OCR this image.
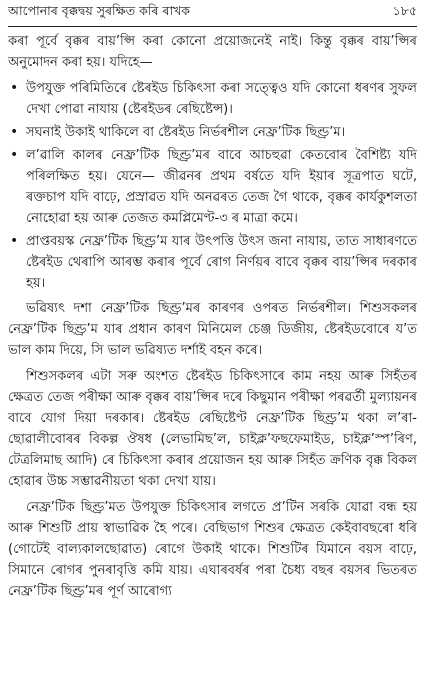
আপোনাৰ বৃক্কদ্বয় সুৰক্ষিত কৰি ৰাখক	১৮৫

কৰা পূৰ্বে বৃক্কৰ বায়’প্সি কৰা কোনো প্ৰয়োজনেই নাই। কিন্তু বৃক্কৰ বায়’প্সিৰ অনুমোদন কৰা হয়। যদিহে—

• উপযুক্ত পৰিমিতিৰে ষ্টেৰইড চিকিৎসা কৰা সত্ত্বেও যদি কোনো ধৰণৰ সুফল দেখা পোৱা নাযায় (ষ্টেৰইডৰ ৰেছিষ্টেন্স)।
• সঘনাই উকাই থাকিলে বা ষ্টেৰইড নিৰ্ভৰশীল নেফ্ৰ’টিক ছিণ্ড্ৰ’ম।
• ল’ৱালি কালৰ নেফ্ৰ’টিক ছিণ্ড্ৰ’মৰ বাবে আচহুৱা কেতবোৰ বৈশিষ্ট্য যদি পৰিলক্ষিত হয়। যেনে— জীৱনৰ প্ৰথম বৰ্ষতে যদি ইয়াৰ সূত্ৰপাত ঘটে, ৰক্তচাপ যদি বাঢ়ে, প্ৰস্ৰাৱত যদি অনৱৰত তেজ গৈ থাকে, বৃক্কৰ কাৰ্যকুশলতা নোহোৱা হয় আৰু তেজত কমপ্লিমেণ্ট-৩ ৰ মাত্ৰা কমে।
• প্ৰাপ্তবয়স্ক নেফ্ৰ’টিক ছিণ্ড্ৰ’ম যাৰ উৎপত্তি উৎস জনা নাযায়, তাত সাধাৰণতে ষ্টেৰইড থেৰাপি আৰম্ভ কৰাৰ পূৰ্বে ৰোগ নিৰ্ণয়ৰ বাবে বৃক্কৰ বায়’প্সিৰ দৰকাৰ হয়।

ভৱিষ্যৎ দশা নেফ্ৰ’টিক ছিণ্ড্ৰ’মৰ কাৰণৰ ওপৰত নিৰ্ভৰশীল। শিশুসকলৰ নেফ্ৰ’টিক ছিণ্ড্ৰ’ম যাৰ প্ৰধান কাৰণ মিনিমেল চেঞ্জ ডিজীয়, ষ্টেৰইডবোৰে য’ত ভাল কাম দিয়ে, সি ভাল ভৱিষ্যত দৰ্শাই বহন কৰে।

শিশুসকলৰ এটা সৰু অংশত ষ্টেৰইড চিকিৎসাৰে কাম নহয় আৰু সিহঁতৰ ক্ষেত্ৰত তেজ পৰীক্ষা আৰু বৃক্কৰ বায়’প্সিৰ দৰে কিছুমান পৰীক্ষা পৰৱৰ্তী মুল্যায়নৰ বাবে যোগ দিয়া দৰকাৰ। ষ্টেৰইড ৰেছিষ্টেণ্ট নেফ্ৰ’টিক ছিণ্ড্ৰ’ম থকা ল’ৰা-ছোৱালীবোৰৰ বিকল্প ঔষধ (লেভামিছ’ল, চাইক্ল’ফছফেমাইড, চাইক্ল’স্প’ৰিণ, টেত্ৰলিমাছ আদি) ৰে চিকিৎসা কৰাৰ প্ৰয়োজন হয় আৰু সিহঁত ক্ৰণিক বৃক্ক বিকল হোৱাৰ উচ্চ সম্ভাৱনীয়তা থকা দেখা যায়।

নেফ্ৰ’টিক ছিণ্ড্ৰ’মত উপযুক্ত চিকিৎসাৰ লগতে প্ৰ’টিন সৰকি যোৱা বন্ধ হয় আৰু শিশুটি প্ৰায় স্বাভাৱিক হৈ পৰে। বেছিভাগ শিশুৰ ক্ষেত্ৰত কেইবাবছৰো ধৰি (গোটেই বাল্যকালছোৱাত) ৰোগে উকাই থাকে। শিশুটিৰ যিমানে বয়স বাঢ়ে, সিমানে ৰোগৰ পুনৰাবৃত্তি কমি যায়। এঘাৰবৰ্ষৰ পৰা চৈধ্য বছৰ বয়সৰ ভিতৰত নেফ্ৰ’টিক ছিণ্ড্ৰ’মৰ পূৰ্ণ আৰোগ্য
